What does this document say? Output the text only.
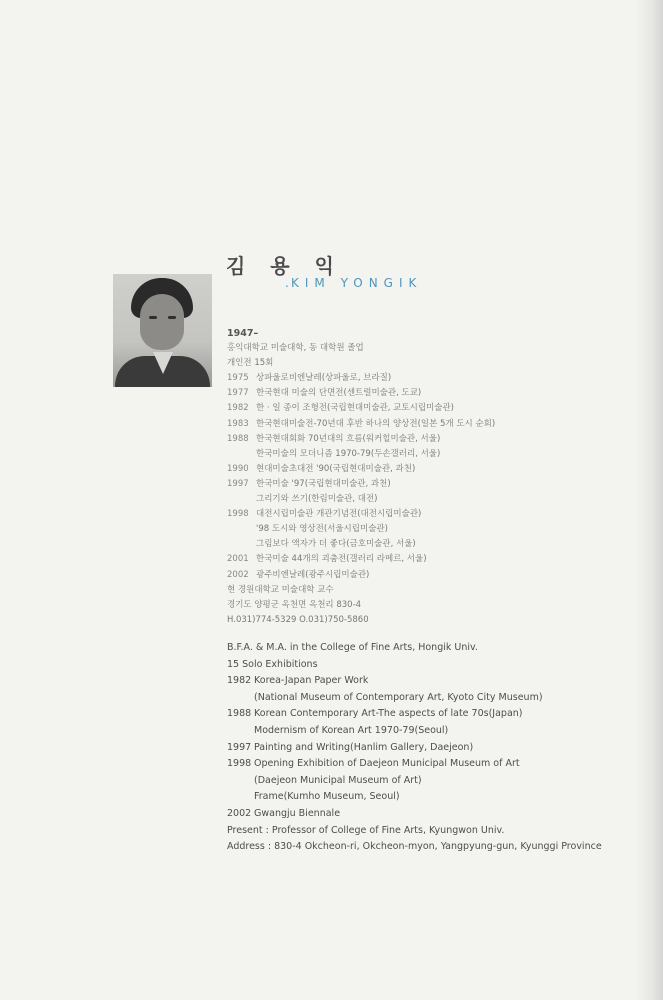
김 용 익
. KIM YONGIK
1947–
홍익대학교 미술대학, 동 대학원 졸업
개인전 15회
1975 상파울로비엔날레(상파울로, 브라질)
1977 한국현대 미술의 단면전(센트럴미술관, 도쿄)
1982 한 · 일 종이 조형전(국립현대미술관, 교토시립미술관)
1983 한국현대미술전-70년대 후반 하나의 양상전(일본 5개 도시 순회)
1988 한국현대회화 70년대의 흐름(워커힐미술관, 서울)
한국미술의 모더니즘 1970-79(두손갤러리, 서울)
1990 현대미술초대전 '90(국립현대미술관, 과천)
1997 한국미술 '97(국립현대미술관, 과천)
그리기와 쓰기(한림미술관, 대전)
1998 대전시립미술관 개관기념전(대전시립미술관)
'98 도시와 영상전(서울시립미술관)
그림보다 액자가 더 좋다(금호미술관, 서울)
2001 한국미술 44개의 괴춤전(갤러리 라메르, 서울)
2002 광주비엔날레(광주시립미술관)
현 경원대학교 미술대학 교수
경기도 양평군 옥천면 옥천리 830-4
H.031)774-5329 O.031)750-5860
B.F.A. & M.A. in the College of Fine Arts, Hongik Univ.
15 Solo Exhibitions
1982 Korea-Japan Paper Work
(National Museum of Contemporary Art, Kyoto City Museum)
1988 Korean Contemporary Art-The aspects of late 70s(Japan)
Modernism of Korean Art 1970-79(Seoul)
1997 Painting and Writing(Hanlim Gallery, Daejeon)
1998 Opening Exhibition of Daejeon Municipal Museum of Art
(Daejeon Municipal Museum of Art)
Frame(Kumho Museum, Seoul)
2002 Gwangju Biennale
Present : Professor of College of Fine Arts, Kyungwon Univ.
Address : 830-4 Okcheon-ri, Okcheon-myon, Yangpyung-gun, Kyunggi Province
